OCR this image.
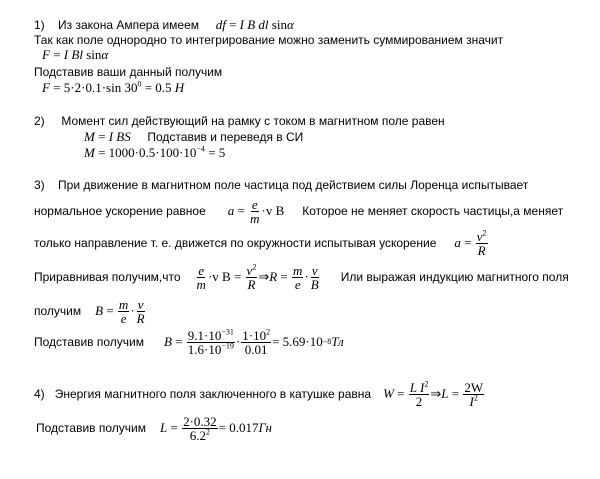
1) Из закона Ампера имеем df = I B dl sinα
Так как поле однородно то интегрирование можно заменить суммированием значит
F = I Bl sinα
Подставив ваши данный получим
F = 5·2·0.1·sin $30^0 = 0.5$ Н
2) Момент сил действующий на рамку с током в магнитном поле равен
M = I BS Подставив и переведя в СИ
$M = 1000\cdot 0.5\cdot 100\cdot 10^{-4} = 5$
3) При движение в магнитном поле частица под действием силы Лоренца испытывает
нормальное ускорение равное a = e
m ·v B Которое не меняет скорость частицы,а меняет
только направление т. е. движется по окружности испытывая ускорение $a = v^2$
R
Приравнивая получим,что e
m ·v $B = v^2$
R ⇒ R = m
e · v
B Или выражая индукцию магнитного поля
получим B = m
e · v
R
Подставив получим $B = 9.1\cdot 10^{-31}$
$1.6\cdot 10^{-19} \cdot \frac{1\cdot 10^2}{0.01} = 5.69\cdot 10 -8$ Тл
4)
Энергия магнитного поля заключенного в катушке равна W = L $I^2$
2 ⇒ L = 2W
$I^2$
Подставив получим $L = \frac{2\cdot 0.32}{6.2^2} = 0.017$ Гн
